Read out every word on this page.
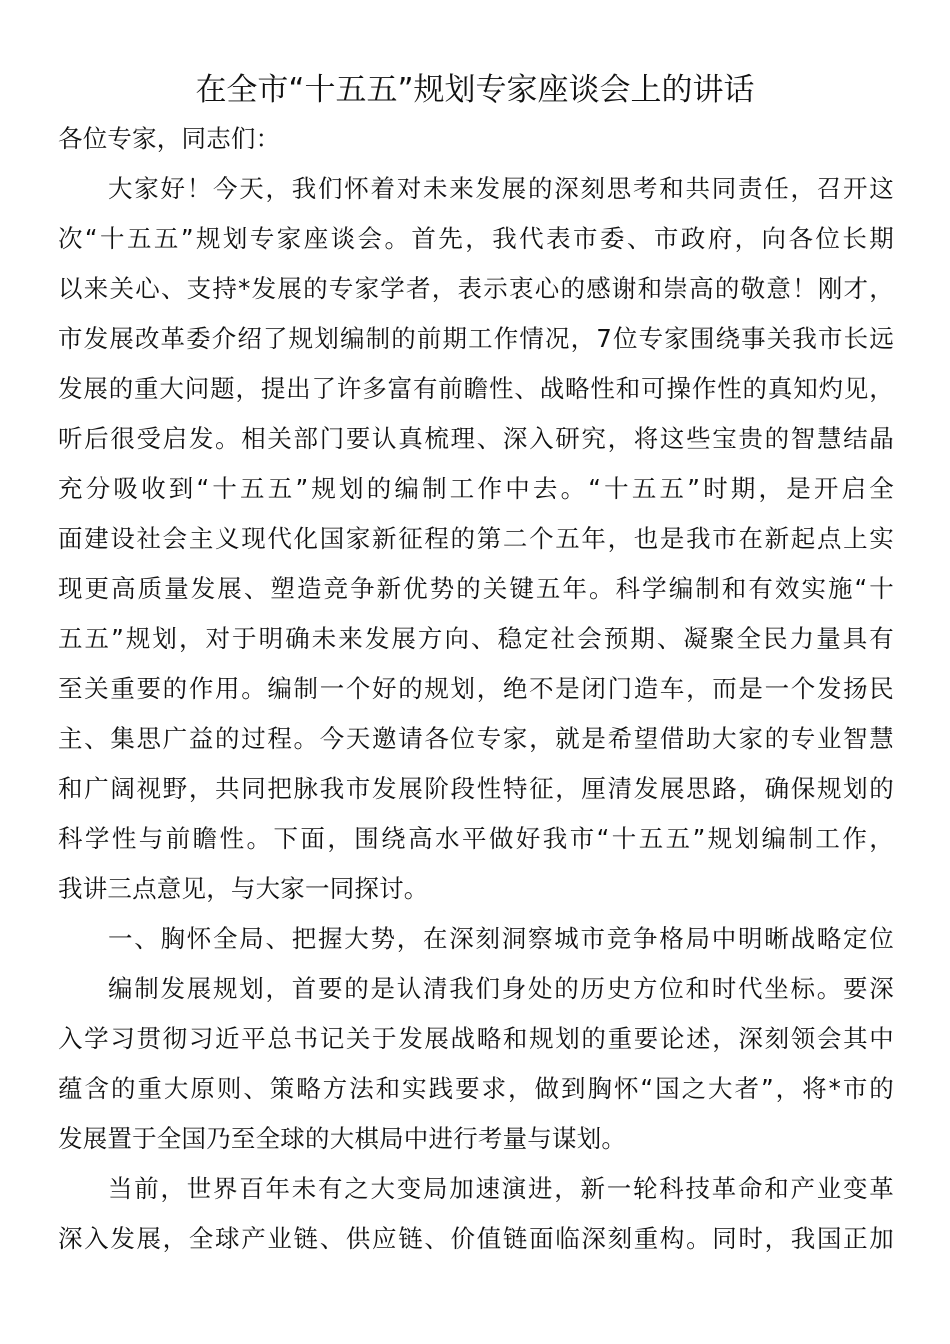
在全市“十五五”规划专家座谈会上的讲话
各位专家，同志们：
大家好！今天，我们怀着对未来发展的深刻思考和共同责任，召开这
次“十五五”规划专家座谈会。首先，我代表市委、市政府，向各位长期
以来关心、支持*发展的专家学者，表示衷心的感谢和崇高的敬意！刚才，
市发展改革委介绍了规划编制的前期工作情况，7位专家围绕事关我市长远
发展的重大问题，提出了许多富有前瞻性、战略性和可操作性的真知灼见，
听后很受启发。相关部门要认真梳理、深入研究，将这些宝贵的智慧结晶
充分吸收到“十五五”规划的编制工作中去。“十五五”时期，是开启全
面建设社会主义现代化国家新征程的第二个五年，也是我市在新起点上实
现更高质量发展、塑造竞争新优势的关键五年。科学编制和有效实施“十
五五”规划，对于明确未来发展方向、稳定社会预期、凝聚全民力量具有
至关重要的作用。编制一个好的规划，绝不是闭门造车，而是一个发扬民
主、集思广益的过程。今天邀请各位专家，就是希望借助大家的专业智慧
和广阔视野，共同把脉我市发展阶段性特征，厘清发展思路，确保规划的
科学性与前瞻性。下面，围绕高水平做好我市“十五五”规划编制工作，
我讲三点意见，与大家一同探讨。
一、胸怀全局、把握大势，在深刻洞察城市竞争格局中明晰战略定位
编制发展规划，首要的是认清我们身处的历史方位和时代坐标。要深
入学习贯彻习近平总书记关于发展战略和规划的重要论述，深刻领会其中
蕴含的重大原则、策略方法和实践要求，做到胸怀“国之大者”，将*市的
发展置于全国乃至全球的大棋局中进行考量与谋划。
当前，世界百年未有之大变局加速演进，新一轮科技革命和产业变革
深入发展，全球产业链、供应链、价值链面临深刻重构。同时，我国正加
